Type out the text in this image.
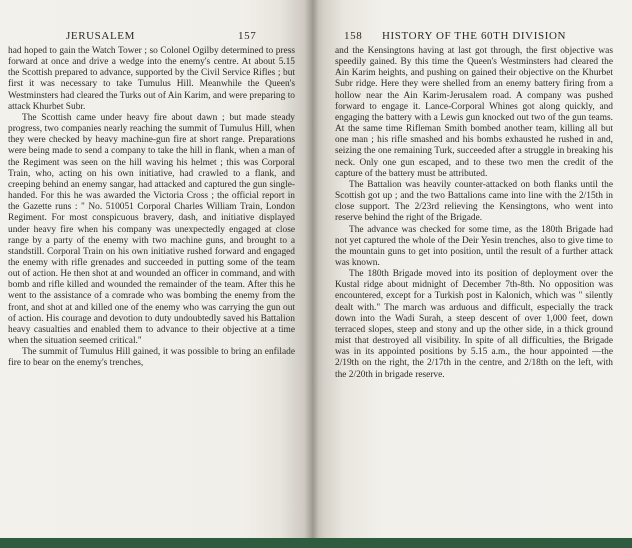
JERUSALEM	157	158 HISTORY OF THE 60TH DIVISION

had hoped to gain the Watch Tower ; so Colonel Ogilby determined to press forward at once and drive a wedge into the enemy's centre. At about 5.15 the Scottish prepared to advance, supported by the Civil Service Rifles ; but first it was necessary to take Tumulus Hill. Meanwhile the Queen's Westminsters had cleared the Turks out of Ain Karim, and were preparing to attack Khurbet Subr.

The Scottish came under heavy fire about dawn ; but made steady progress, two companies nearly reaching the summit of Tumulus Hill, when they were checked by heavy machine-gun fire at short range. Preparations were being made to send a company to take the hill in flank, when a man of the Regiment was seen on the hill waving his helmet ; this was Corporal Train, who, acting on his own initiative, had crawled to a flank, and creeping behind an enemy sangar, had attacked and captured the gun single-handed. For this he was awarded the Victoria Cross ; the official report in the Gazette runs : " No. 510051 Corporal Charles William Train, London Regiment. For most conspicuous bravery, dash, and initiative displayed under heavy fire when his company was unexpectedly engaged at close range by a party of the enemy with two machine guns, and brought to a standstill. Corporal Train on his own initiative rushed forward and engaged the enemy with rifle grenades and succeeded in putting some of the team out of action. He then shot at and wounded an officer in command, and with bomb and rifle killed and wounded the remainder of the team. After this he went to the assistance of a comrade who was bombing the enemy from the front, and shot at and killed one of the enemy who was carrying the gun out of action. His courage and devotion to duty undoubtedly saved his Battalion heavy casualties and enabled them to advance to their objective at a time when the situation seemed critical."

The summit of Tumulus Hill gained, it was possible to bring an enfilade fire to bear on the enemy's trenches,

and the Kensingtons having at last got through, the first objective was speedily gained. By this time the Queen's Westminsters had cleared the Ain Karim heights, and pushing on gained their objective on the Khurbet Subr ridge. Here they were shelled from an enemy battery firing from a hollow near the Ain Karim-Jerusalem road. A company was pushed forward to engage it. Lance-Corporal Whines got along quickly, and engaging the battery with a Lewis gun knocked out two of the gun teams. At the same time Rifleman Smith bombed another team, killing all but one man ; his rifle smashed and his bombs exhausted he rushed in and, seizing the one remaining Turk, succeeded after a struggle in breaking his neck. Only one gun escaped, and to these two men the credit of the capture of the battery must be attributed.

The Battalion was heavily counter-attacked on both flanks until the Scottish got up ; and the two Battalions came into line with the 2/15th in close support. The 2/23rd relieving the Kensingtons, who went into reserve behind the right of the Brigade.

The advance was checked for some time, as the 180th Brigade had not yet captured the whole of the Deir Yesin trenches, also to give time to the mountain guns to get into position, until the result of a further attack was known.

The 180th Brigade moved into its position of deployment over the Kustal ridge about midnight of December 7th-8th. No opposition was encountered, except for a Turkish post in Kalonich, which was " silently dealt with." The march was arduous and difficult, especially the track down into the Wadi Surah, a steep descent of over 1,000 feet, down terraced slopes, steep and stony and up the other side, in a thick ground mist that destroyed all visibility. In spite of all difficulties, the Brigade was in its appointed positions by 5.15 a.m., the hour appointed —the 2/19th on the right, the 2/17th in the centre, and 2/18th on the left, with the 2/20th in brigade reserve.
